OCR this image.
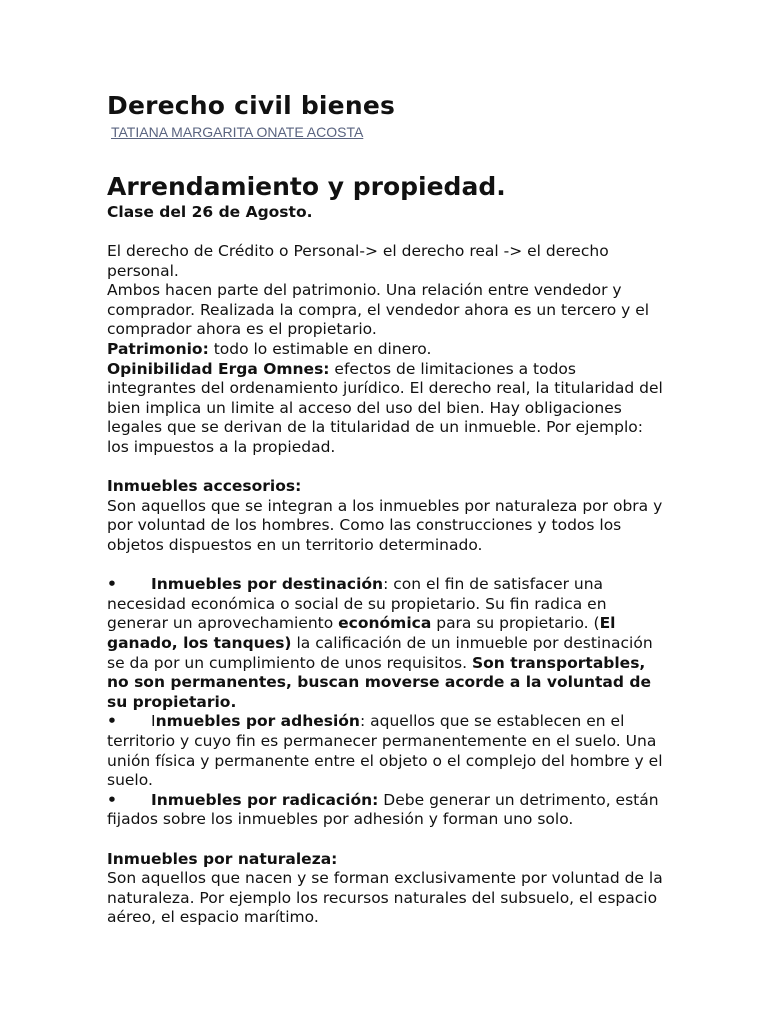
Derecho civil bienes
TATIANA MARGARITA ONATE ACOSTA
Arrendamiento y propiedad.

Clase del 26 de Agosto.

El derecho de Crédito o Personal-> el derecho real -> el derecho
personal.

Ambos hacen parte del patrimonio. Una relación entre vendedor y comprador. Realizada la compra, el vendedor ahora es un tercero y el comprador ahora es el propietario.

Patrimonio: todo lo estimable en dinero.

Opinibilidad Erga Omnes: efectos de limitaciones a todos integrantes del ordenamiento jurídico. El derecho real, la titularidad del bien implica un limite al acceso del uso del bien. Hay obligaciones legales que se derivan de la titularidad de un inmueble. Por ejemplo: los impuestos a la propiedad.

Inmuebles accesorios:

Son aquellos que se integran a los inmuebles por naturaleza por obra y por voluntad de los hombres. Como las construcciones y todos los objetos dispuestos en un territorio determinado.

• Inmuebles por destinación: con el fin de satisfacer una necesidad económica o social de su propietario. Su fin radica en generar un aprovechamiento económica para su propietario. (El ganado, los tanques) la calificación de un inmueble por destinación se da por un cumplimiento de unos requisitos. Son transportables, no son permanentes, buscan moverse acorde a la voluntad de su propietario.

• Inmuebles por adhesión: aquellos que se establecen en el territorio y cuyo fin es permanecer permanentemente en el suelo. Una unión física y permanente entre el objeto o el complejo del hombre y el suelo.

• Inmuebles por radicación: Debe generar un detrimento, están fijados sobre los inmuebles por adhesión y forman uno solo.

Inmuebles por naturaleza:

Son aquellos que nacen y se forman exclusivamente por voluntad de la naturaleza. Por ejemplo los recursos naturales del subsuelo, el espacio aéreo, el espacio marítimo.
